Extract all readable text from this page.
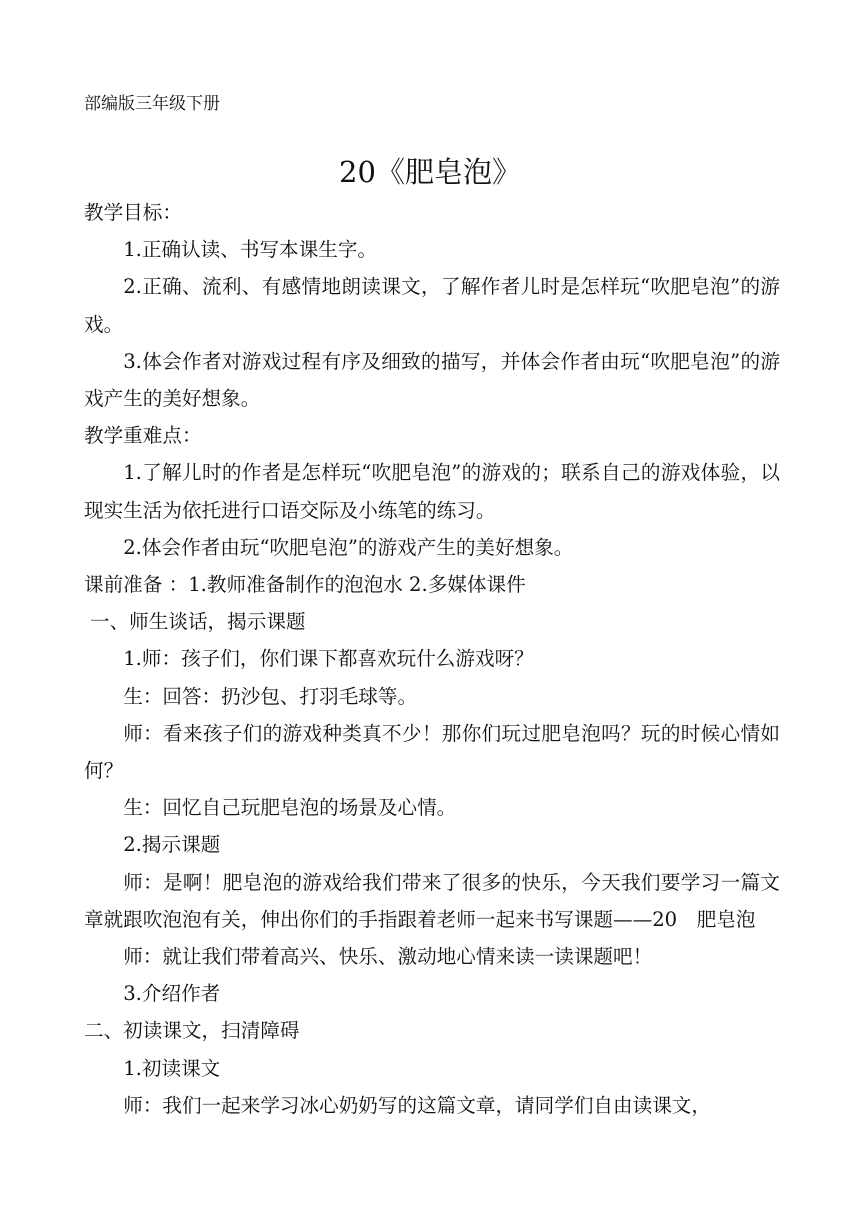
部编版三年级下册
20《肥皂泡》

教学目标：

1.正确认读、书写本课生字。

2.正确、流利、有感情地朗读课文，了解作者儿时是怎样玩“吹肥皂泡”的游戏。

3.体会作者对游戏过程有序及细致的描写，并体会作者由玩“吹肥皂泡”的游戏产生的美好想象。

教学重难点：

1.了解儿时的作者是怎样玩“吹肥皂泡”的游戏的；联系自己的游戏体验，以现实生活为依托进行口语交际及小练笔的练习。

2.体会作者由玩“吹肥皂泡”的游戏产生的美好想象。

课前准备 ：1.教师准备制作的泡泡水 2.多媒体课件

一、师生谈话，揭示课题

1.师：孩子们，你们课下都喜欢玩什么游戏呀？

生：回答：扔沙包、打羽毛球等。

师：看来孩子们的游戏种类真不少！那你们玩过肥皂泡吗？玩的时候心情如何？

生：回忆自己玩肥皂泡的场景及心情。

2.揭示课题

师：是啊！肥皂泡的游戏给我们带来了很多的快乐，今天我们要学习一篇文章就跟吹泡泡有关，伸出你们的手指跟着老师一起来书写课题——20　肥皂泡

师：就让我们带着高兴、快乐、激动地心情来读一读课题吧！

3.介绍作者

二、初读课文，扫清障碍

1.初读课文

师：我们一起来学习冰心奶奶写的这篇文章，请同学们自由读课文，
